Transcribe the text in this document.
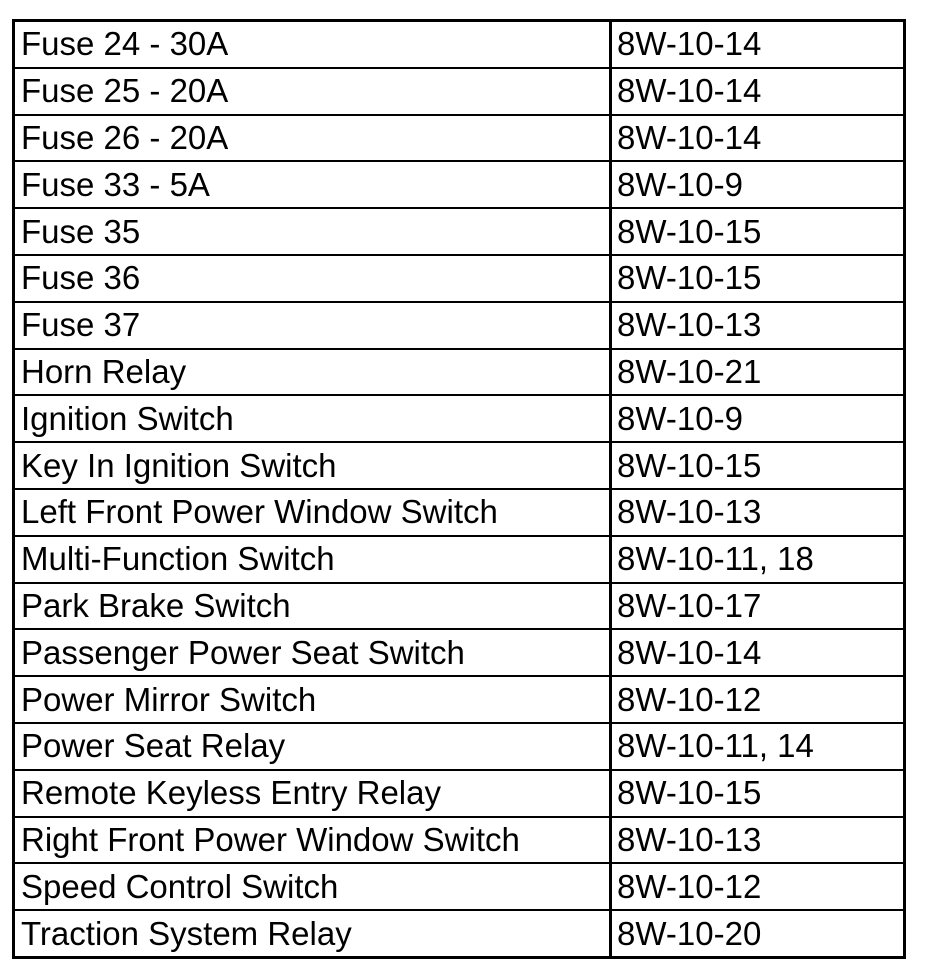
Fuse 24 - 30A	8W-10-14
Fuse 25 - 20A	8W-10-14
Fuse 26 - 20A	8W-10-14
Fuse 33 - 5A	8W-10-9
Fuse 35	8W-10-15
Fuse 36	8W-10-15
Fuse 37	8W-10-13
Horn Relay	8W-10-21
Ignition Switch	8W-10-9
Key In Ignition Switch	8W-10-15
Left Front Power Window Switch	8W-10-13
Multi-Function Switch	8W-10-11, 18
Park Brake Switch	8W-10-17
Passenger Power Seat Switch	8W-10-14
Power Mirror Switch	8W-10-12
Power Seat Relay	8W-10-11, 14
Remote Keyless Entry Relay	8W-10-15
Right Front Power Window Switch	8W-10-13
Speed Control Switch	8W-10-12
Traction System Relay	8W-10-20
